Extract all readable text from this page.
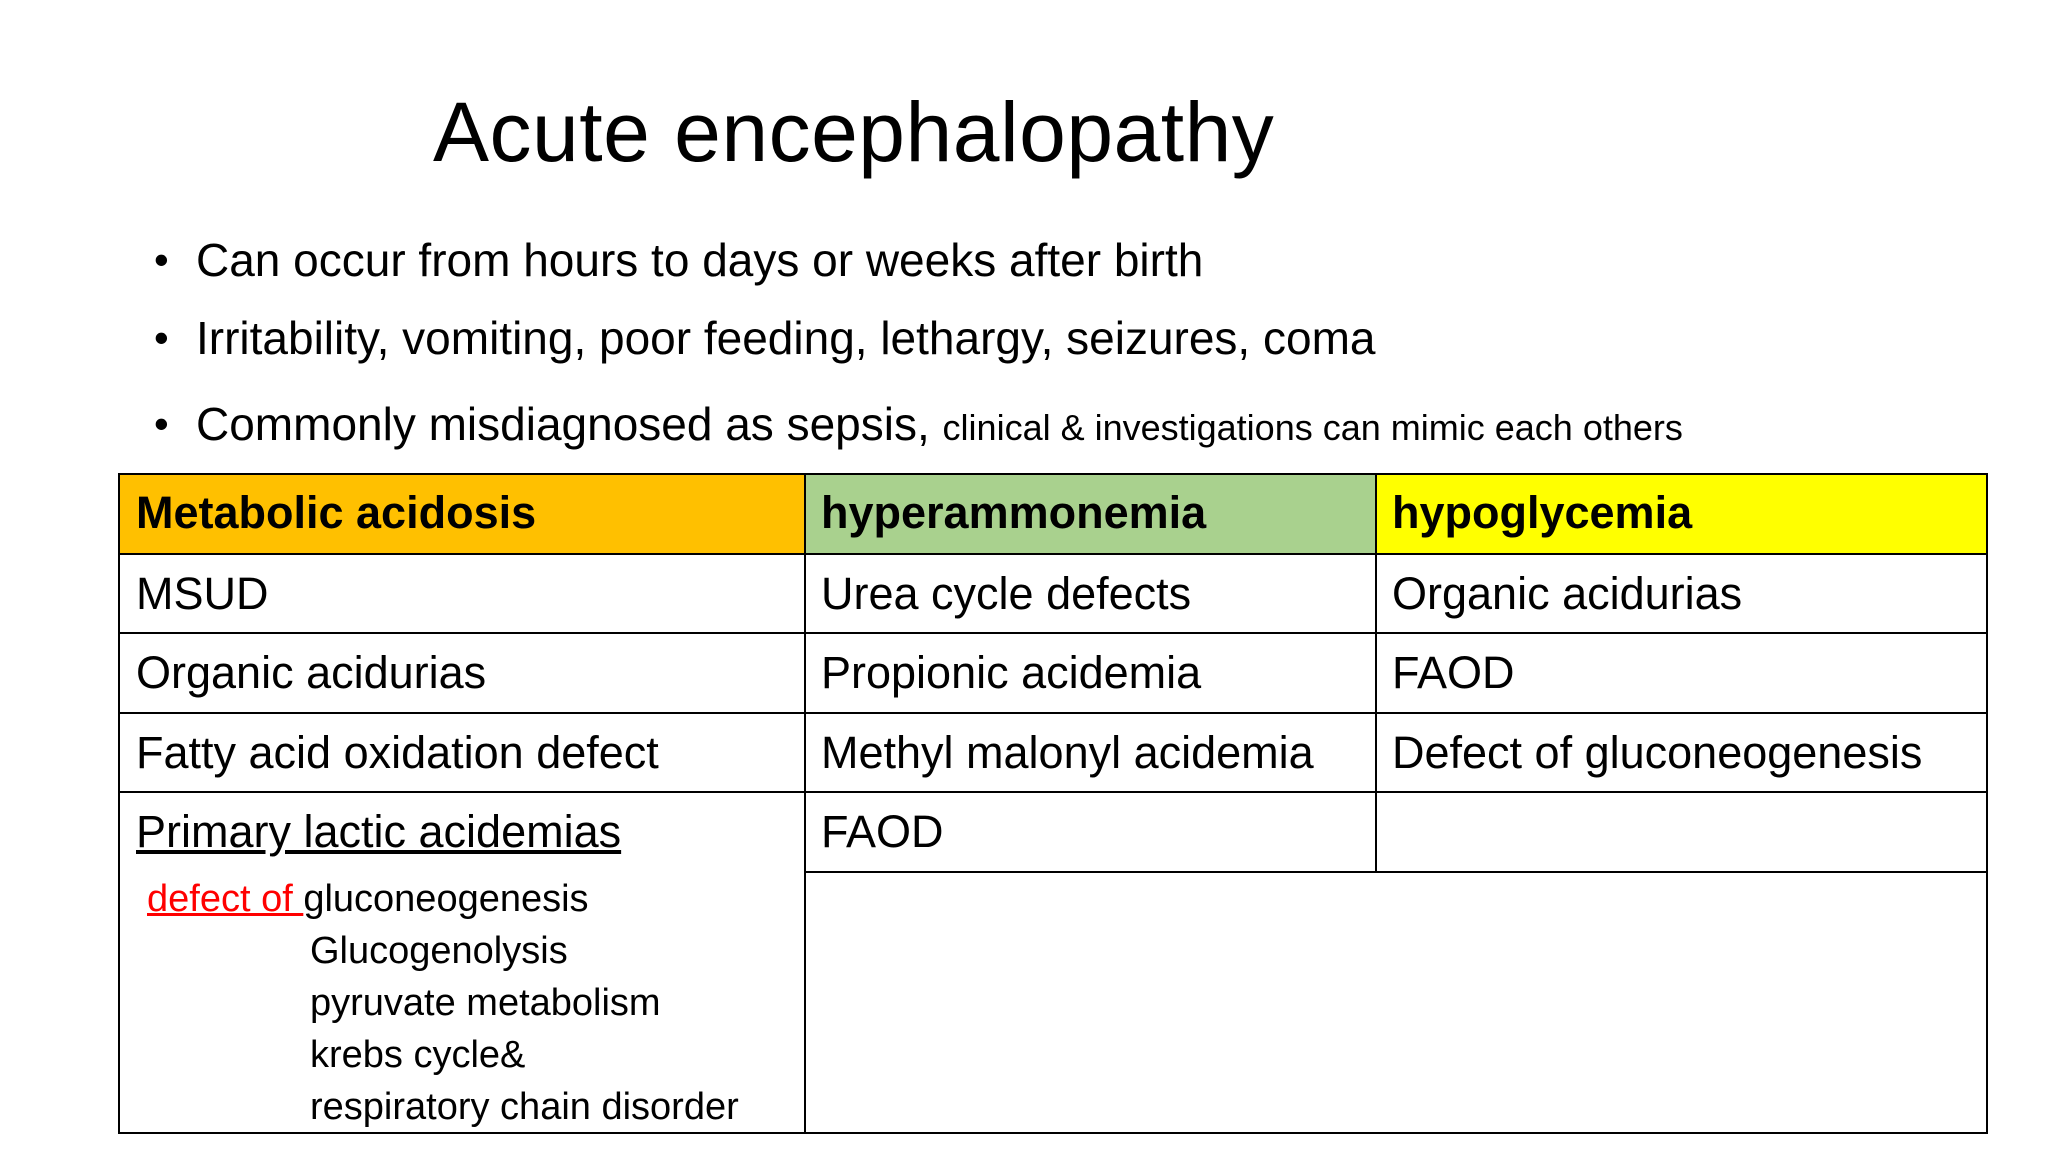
Acute encephalopathy
• Can occur from hours to days or weeks after birth
• Irritability, vomiting, poor feeding, lethargy, seizures, coma
• Commonly misdiagnosed as sepsis, clinical & investigations can mimic each others
Metabolic acidosis	hyperammonemia	hypoglycemia
MSUD	Urea cycle defects	Organic acidurias
Organic acidurias	Propionic acidemia	FAOD
Fatty acid oxidation defect	Methyl malonyl acidemia	Defect of gluconeogenesis
Primary lactic acidemias	FAOD
defect of gluconeogenesis
Glucogenolysis
pyruvate metabolism
krebs cycle&
respiratory chain disorder
